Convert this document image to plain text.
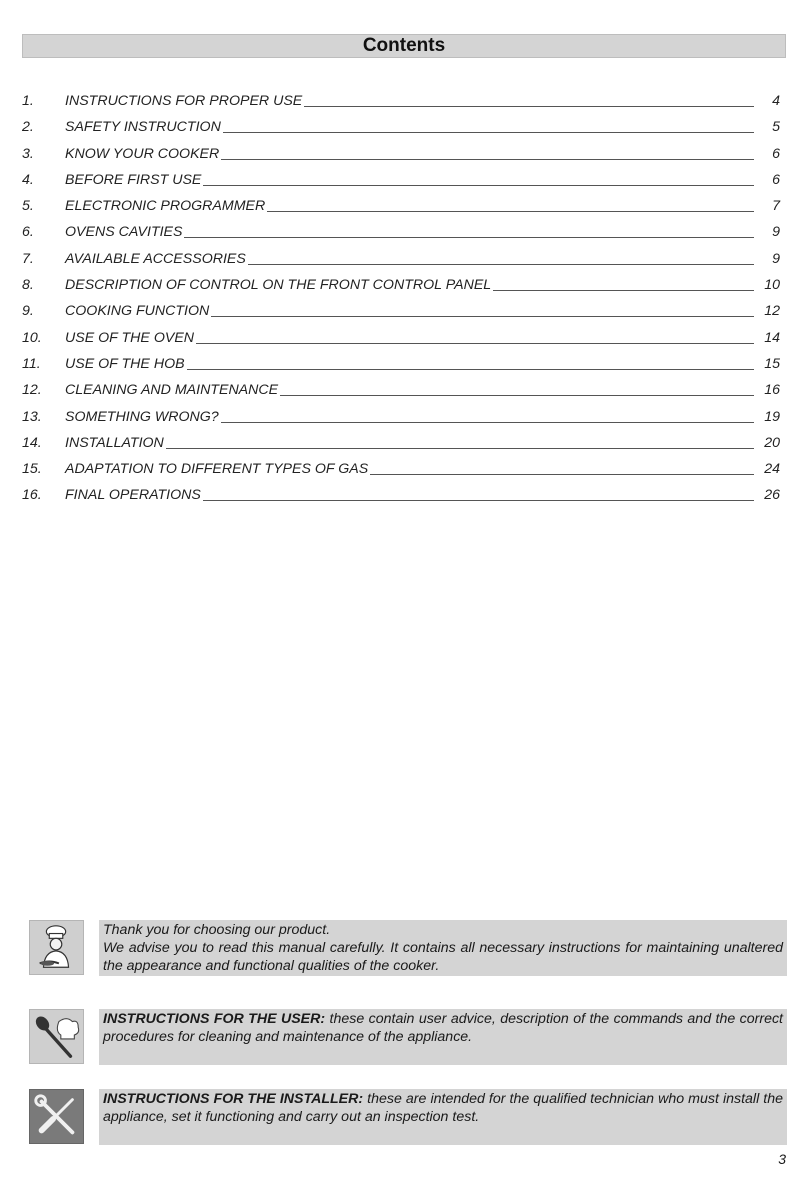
Contents
1.	INSTRUCTIONS FOR PROPER USE	4
2.	SAFETY INSTRUCTION	5
3.	KNOW YOUR COOKER	6
4.	BEFORE FIRST USE	6
5.	ELECTRONIC PROGRAMMER	7
6.	OVENS CAVITIES	9
7.	AVAILABLE ACCESSORIES	9
8.	DESCRIPTION OF CONTROL ON THE FRONT CONTROL PANEL	10
9.	COOKING FUNCTION	12
10.	USE OF THE OVEN	14
11.	USE OF THE HOB	15
12.	CLEANING AND MAINTENANCE	16
13.	SOMETHING WRONG?	19
14.	INSTALLATION	20
15.	ADAPTATION TO DIFFERENT TYPES OF GAS	24
16.	FINAL OPERATIONS	26
Thank you for choosing our product.
We advise you to read this manual carefully. It contains all necessary instructions for maintaining unaltered the appearance and functional qualities of the cooker.
INSTRUCTIONS FOR THE USER: these contain user advice, description of the commands and the correct procedures for cleaning and maintenance of the appliance.
INSTRUCTIONS FOR THE INSTALLER: these are intended for the qualified technician who must install the appliance, set it functioning and carry out an inspection test.
3
